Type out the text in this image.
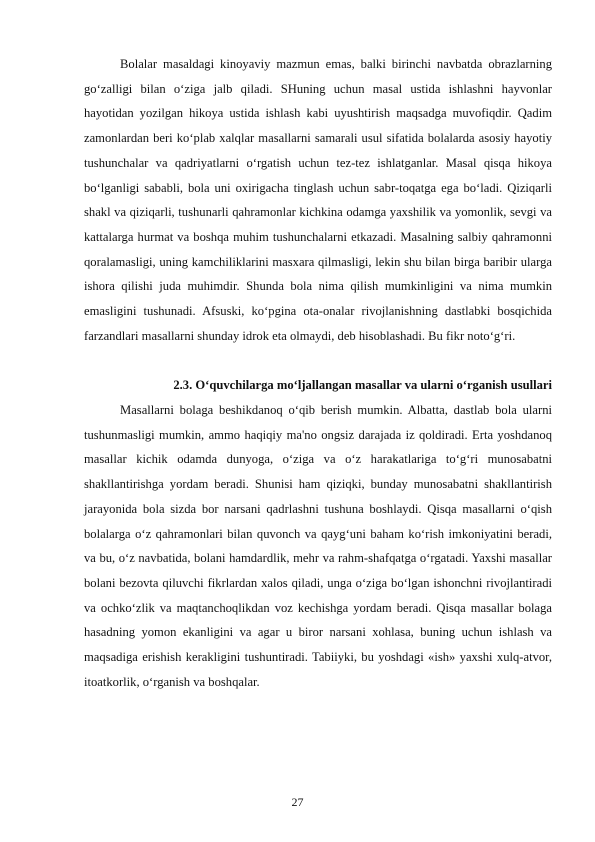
Bolalar masaldagi kinoyaviy mazmun emas, balki birinchi navbatda obrazlarning go‘zalligi bilan o‘ziga jalb qiladi. SHuning uchun masal ustida ishlashni hayvonlar hayotidan yozilgan hikoya ustida ishlash kabi uyushtirish maqsadga muvofiqdir. Qadim zamonlardan beri ko‘plab xalqlar masallarni samarali usul sifatida bolalarda asosiy hayotiy tushunchalar va qadriyatlarni o‘rgatish uchun tez-tez ishlatganlar. Masal qisqa hikoya bo‘lganligi sababli, bola uni oxirigacha tinglash uchun sabr-toqatga ega bo‘ladi. Qiziqarli shakl va qiziqarli, tushunarli qahramonlar kichkina odamga yaxshilik va yomonlik, sevgi va kattalarga hurmat va boshqa muhim tushunchalarni etkazadi. Masalning salbiy qahramonni qoralamasligi, uning kamchiliklarini masxara qilmasligi, lekin shu bilan birga baribir ularga ishora qilishi juda muhimdir. Shunda bola nima qilish mumkinligini va nima mumkin emasligini tushunadi. Afsuski, ko‘pgina ota-onalar rivojlanishning dastlabki bosqichida farzandlari masallarni shunday idrok eta olmaydi, deb hisoblashadi. Bu fikr noto‘g‘ri.

2.3. O‘quvchilarga mo‘ljallangan masallar va ularni o‘rganish usullari

Masallarni bolaga beshikdanoq o‘qib berish mumkin. Albatta, dastlab bola ularni tushunmasligi mumkin, ammo haqiqiy ma'no ongsiz darajada iz qoldiradi. Erta yoshdanoq masallar kichik odamda dunyoga, o‘ziga va o‘z harakatlariga to‘g‘ri munosabatni shakllantirishga yordam beradi. Shunisi ham qiziqki, bunday munosabatni shakllantirish jarayonida bola sizda bor narsani qadrlashni tushuna boshlaydi. Qisqa masallarni o‘qish bolalarga o‘z qahramonlari bilan quvonch va qayg‘uni baham ko‘rish imkoniyatini beradi, va bu, o‘z navbatida, bolani hamdardlik, mehr va rahm-shafqatga o‘rgatadi. Yaxshi masallar bolani bezovta qiluvchi fikrlardan xalos qiladi, unga o‘ziga bo‘lgan ishonchni rivojlantiradi va ochko‘zlik va maqtanchoqlikdan voz kechishga yordam beradi. Qisqa masallar bolaga hasadning yomon ekanligini va agar u biror narsani xohlasa, buning uchun ishlash va maqsadiga erishish kerakligini tushuntiradi. Tabiiyki, bu yoshdagi «ish» yaxshi xulq-atvor, itoatkorlik, o‘rganish va boshqalar.

27
